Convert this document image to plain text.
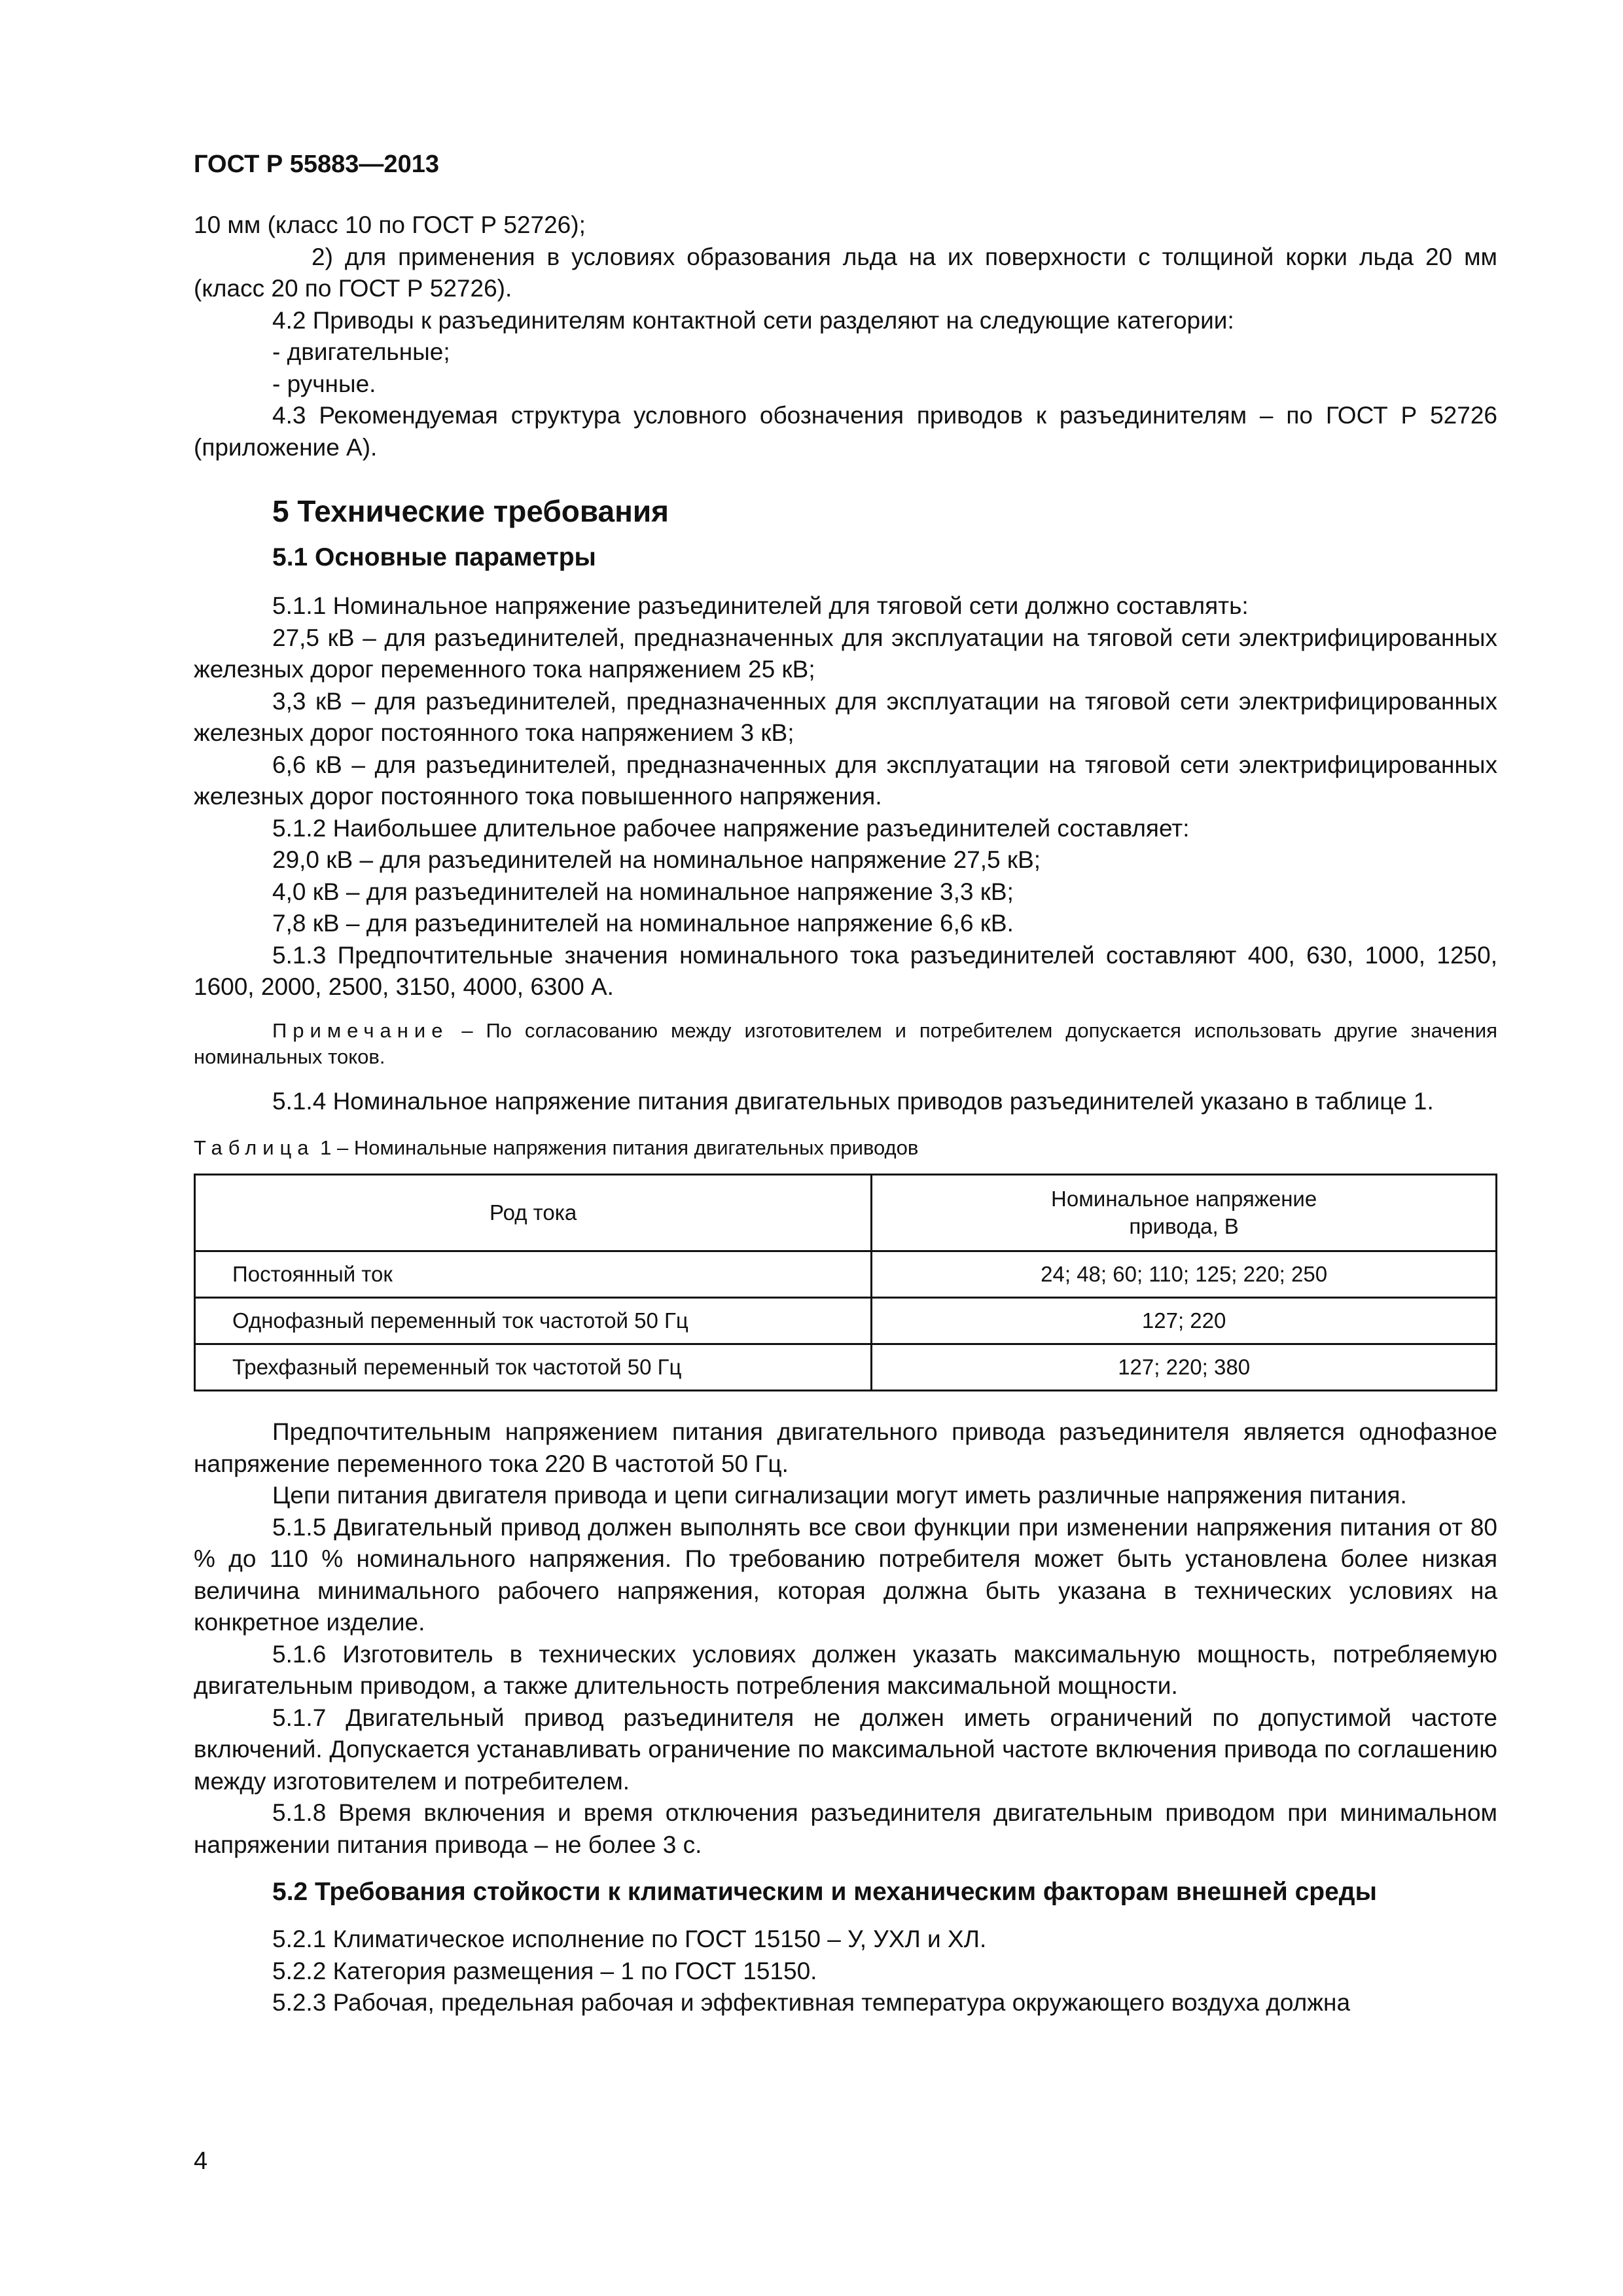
ГОСТ Р 55883—2013

10 мм (класс 10 по ГОСТ Р 52726);

2) для применения в условиях образования льда на их поверхности с толщиной корки льда 20 мм (класс 20 по ГОСТ Р 52726).

4.2 Приводы к разъединителям контактной сети разделяют на следующие категории:

- двигательные;

- ручные.

4.3 Рекомендуемая структура условного обозначения приводов к разъединителям – по ГОСТ Р 52726 (приложение А).

5 Технические требования
5.1 Основные параметры

5.1.1 Номинальное напряжение разъединителей для тяговой сети должно составлять:

27,5 кВ – для разъединителей, предназначенных для эксплуатации на тяговой сети электрифицированных железных дорог переменного тока напряжением 25 кВ;

3,3 кВ – для разъединителей, предназначенных для эксплуатации на тяговой сети электрифицированных железных дорог постоянного тока напряжением 3 кВ;

6,6 кВ – для разъединителей, предназначенных для эксплуатации на тяговой сети электрифицированных железных дорог постоянного тока повышенного напряжения.

5.1.2 Наибольшее длительное рабочее напряжение разъединителей составляет:

29,0 кВ – для разъединителей на номинальное напряжение 27,5 кВ;

4,0 кВ – для разъединителей на номинальное напряжение 3,3 кВ;

7,8 кВ – для разъединителей на номинальное напряжение 6,6 кВ.

5.1.3 Предпочтительные значения номинального тока разъединителей составляют 400, 630, 1000, 1250, 1600, 2000, 2500, 3150, 4000, 6300 А.

Примечание – По согласованию между изготовителем и потребителем допускается использовать другие значения номинальных токов.

5.1.4 Номинальное напряжение питания двигательных приводов разъединителей указано в таблице 1.

Таблица 1 – Номинальные напряжения питания двигательных приводов
Род тока	Номинальное напряжение привода, В

Постоянный ток	24; 48; 60; 110; 125; 220; 250
Однофазный переменный ток частотой 50 Гц	127; 220
Трехфазный переменный ток частотой 50 Гц	127; 220; 380

Предпочтительным напряжением питания двигательного привода разъединителя является однофазное напряжение переменного тока 220 В частотой 50 Гц.

Цепи питания двигателя привода и цепи сигнализации могут иметь различные напряжения питания.

5.1.5 Двигательный привод должен выполнять все свои функции при изменении напряжения питания от 80 % до 110 % номинального напряжения. По требованию потребителя может быть установлена более низкая величина минимального рабочего напряжения, которая должна быть указана в технических условиях на конкретное изделие.

5.1.6 Изготовитель в технических условиях должен указать максимальную мощность, потребляемую двигательным приводом, а также длительность потребления максимальной мощности.

5.1.7 Двигательный привод разъединителя не должен иметь ограничений по допустимой частоте включений. Допускается устанавливать ограничение по максимальной частоте включения привода по соглашению между изготовителем и потребителем.

5.1.8 Время включения и время отключения разъединителя двигательным приводом при минимальном напряжении питания привода – не более 3 с.

5.2 Требования стойкости к климатическим и механическим факторам внешней среды

5.2.1 Климатическое исполнение по ГОСТ 15150 – У, УХЛ и ХЛ.

5.2.2 Категория размещения – 1 по ГОСТ 15150.

5.2.3 Рабочая, предельная рабочая и эффективная температура окружающего воздуха должна

4
